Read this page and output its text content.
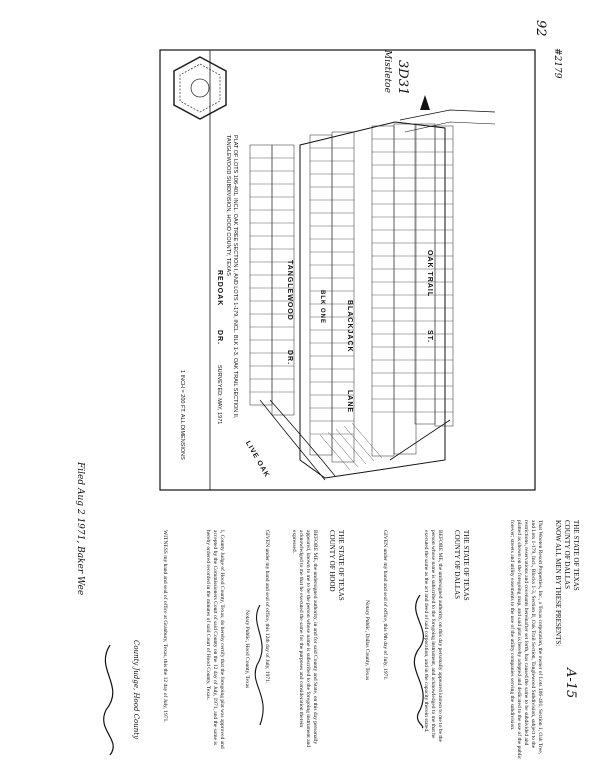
92
#2179
A-15
TANGLEWOOD
DR.
BLACKJACK
LANE
REDOAK
DR.
OAK TRAIL
ST.
LIVE OAK
BLK ONE
PLAT OF LOTS 106-401, INCL. OAK TREE SECTION I, AND LOTS 1-179, INCL. BLK 1-3, OAK TRAIL SECTION II, TANGLEWOOD SUBDIVISION, HOOD COUNTY, TEXAS
SURVEYED: MAY, 1971
1 INCH = 200 FT. ALL DIMENSIONS
3D31
Mistletoe
Filed Aug 2 1971, Baker Wee	THE STATE OF TEXAS
COUNTY OF DALLAS
KNOW ALL MEN BY THESE PRESENTS:
That Wooten Resort Properties, Inc., a Texas corporation, the owner of Lots 106-401, Section 1, Oak Tree, and Lots 1-179, Incl., Blocks 1-3, Section II, Oak Trail Section, Tanglewood Subdivision, subject to the restrictions, reservations and covenants hereinafter set forth, has caused the same to be subdivided and platted as shown on the foregoing map, and said plat is hereby adopted and dedicated to the use of the public forever; streets and utility easements to the use of the utility companies serving the subdivision.
THE STATE OF TEXAS
COUNTY OF DALLAS
BEFORE ME, the undersigned authority, on this day personally appeared known to me to be the person whose name is subscribed to the foregoing instrument, and acknowledged to me that he executed the same as the act and deed of said corporation, and in the capacity therein stated.
GIVEN under my hand and seal of office, this 9th day of July, 1971.
Notary Public, Dallas County, Texas
THE STATE OF TEXAS
COUNTY OF HOOD
BEFORE ME, the undersigned authority, in and for said County and State, on this day personally appeared, known to me to be the person whose name is subscribed to the foregoing instrument and acknowledged to me that he executed the same for the purposes and consideration therein expressed.
GIVEN under my hand and seal of office, this 12th day of July, 1971.
Notary Public, Hood County, Texas
I, County Judge of Hood County, Texas, do hereby certify that the foregoing plat was approved and accepted by the Commissioners Court of said County on the 12 day of July, 1971, and the same is hereby ordered recorded in the minutes of said Court of Hood County, Texas.
WITNESS my hand and seal of office at Granbury, Texas, this the 12 day of July, 1971.
County Judge, Hood County
